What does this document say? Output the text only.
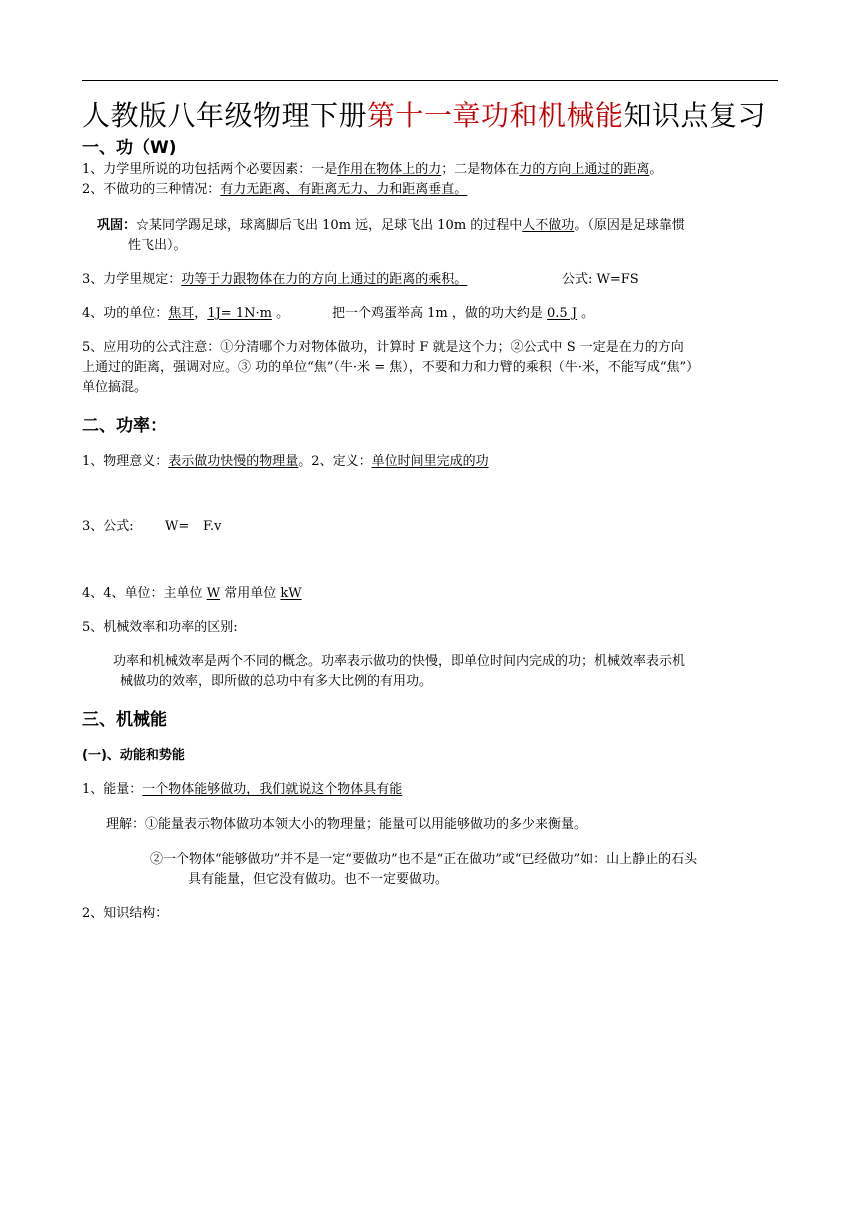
人教版八年级物理下册第十一章功和机械能知识点复习
一、功（W)
1、力学里所说的功包括两个必要因素：一是作用在物体上的力；二是物体在力的方向上通过的距离。
2、不做功的三种情况：有力无距离、有距离无力、力和距离垂直。
巩固：☆某同学踢足球，球离脚后飞出 10m 远，足球飞出 10m 的过程中人不做功。（原因是足球靠惯
性飞出）。
3、力学里规定：功等于力跟物体在力的方向上通过的距离的乘积。	公式: W=FS
4、功的单位：焦耳，1J= 1N·m 。	把一个鸡蛋举高 1m ，做的功大约是 0.5 J 。
5、应用功的公式注意：①分清哪个力对物体做功，计算时 F 就是这个力；②公式中 S 一定是在力的方向
上通过的距离，强调对应。③ 功的单位“焦”（牛·米 = 焦），不要和力和力臂的乘积（牛·米，不能写成“焦”）
单位搞混。
二、功率：
1、物理意义：表示做功快慢的物理量。2、定义：单位时间里完成的功
3、公式: W= F.v
4、4、单位：主单位 W 常用单位 kW
5、机械效率和功率的区别:
功率和机械效率是两个不同的概念。功率表示做功的快慢，即单位时间内完成的功；机械效率表示机
械做功的效率，即所做的总功中有多大比例的有用功。
三、机械能
(一)、动能和势能
1、能量：一个物体能够做功，我们就说这个物体具有能
理解：①能量表示物体做功本领大小的物理量；能量可以用能够做功的多少来衡量。
②一个物体“能够做功”并不是一定“要做功”也不是“正在做功”或“已经做功”如：山上静止的石头
具有能量，但它没有做功。也不一定要做功。
2、知识结构：
